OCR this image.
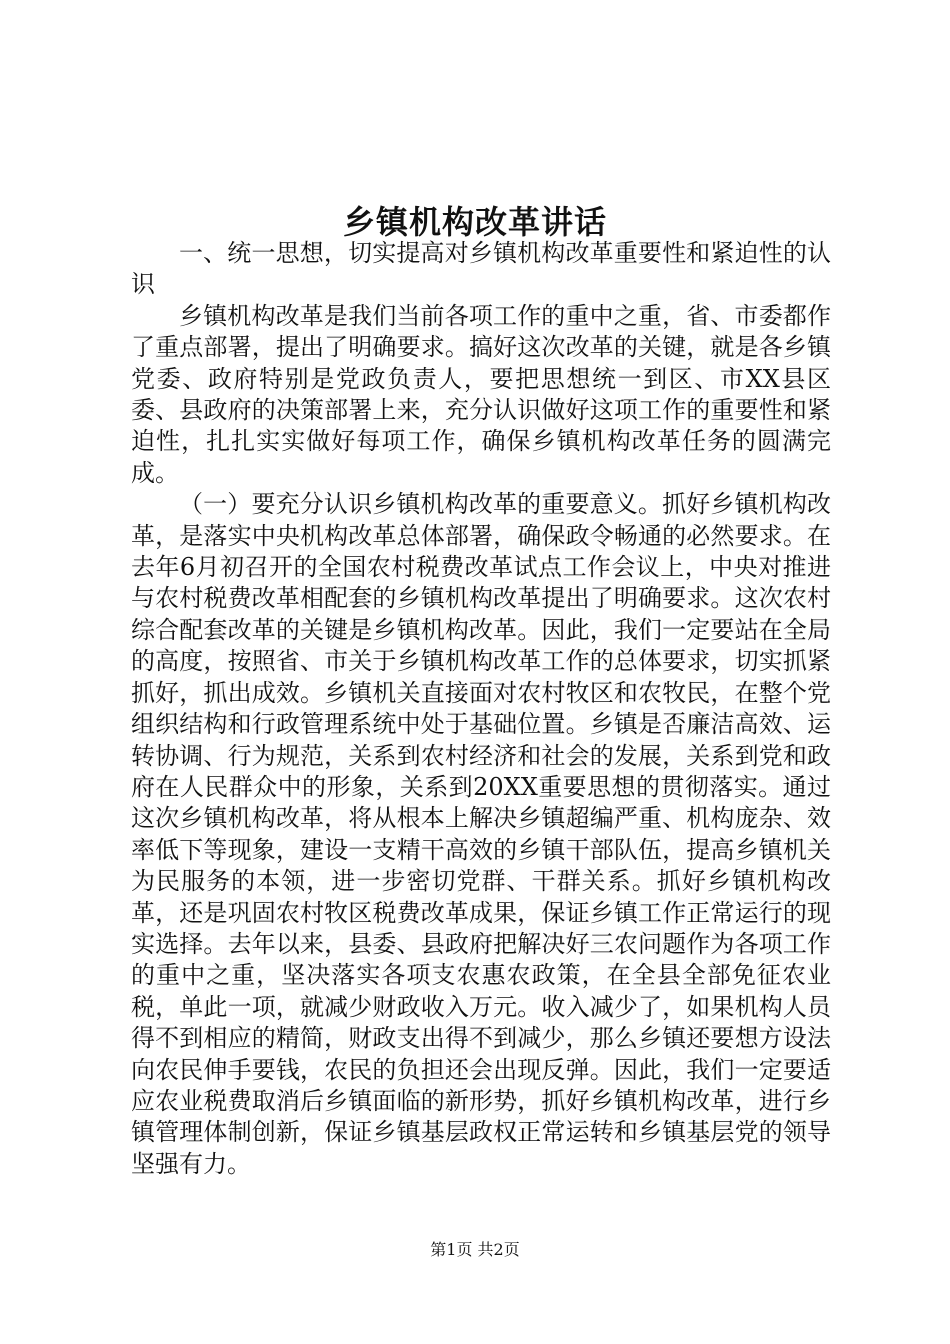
乡镇机构改革讲话

一、统一思想，切实提高对乡镇机构改革重要性和紧迫性的认识

乡镇机构改革是我们当前各项工作的重中之重，省、市委都作了重点部署，提出了明确要求。搞好这次改革的关键，就是各乡镇党委、政府特别是党政负责人，要把思想统一到区、市XX县区委、县政府的决策部署上来，充分认识做好这项工作的重要性和紧迫性，扎扎实实做好每项工作，确保乡镇机构改革任务的圆满完成。

（一）要充分认识乡镇机构改革的重要意义。抓好乡镇机构改革，是落实中央机构改革总体部署，确保政令畅通的必然要求。在去年6月初召开的全国农村税费改革试点工作会议上，中央对推进与农村税费改革相配套的乡镇机构改革提出了明确要求。这次农村综合配套改革的关键是乡镇机构改革。因此，我们一定要站在全局的高度，按照省、市关于乡镇机构改革工作的总体要求，切实抓紧抓好，抓出成效。乡镇机关直接面对农村牧区和农牧民，在整个党组织结构和行政管理系统中处于基础位置。乡镇是否廉洁高效、运转协调、行为规范，关系到农村经济和社会的发展，关系到党和政府在人民群众中的形象，关系到20XX重要思想的贯彻落实。通过这次乡镇机构改革，将从根本上解决乡镇超编严重、机构庞杂、效率低下等现象，建设一支精干高效的乡镇干部队伍，提高乡镇机关为民服务的本领，进一步密切党群、干群关系。抓好乡镇机构改革，还是巩固农村牧区税费改革成果，保证乡镇工作正常运行的现实选择。去年以来，县委、县政府把解决好三农问题作为各项工作的重中之重，坚决落实各项支农惠农政策，在全县全部免征农业税，单此一项，就减少财政收入万元。收入减少了，如果机构人员得不到相应的精简，财政支出得不到减少，那么乡镇还要想方设法向农民伸手要钱，农民的负担还会出现反弹。因此，我们一定要适应农业税费取消后乡镇面临的新形势，抓好乡镇机构改革，进行乡镇管理体制创新，保证乡镇基层政权正常运转和乡镇基层党的领导坚强有力。

第1页 共2页
